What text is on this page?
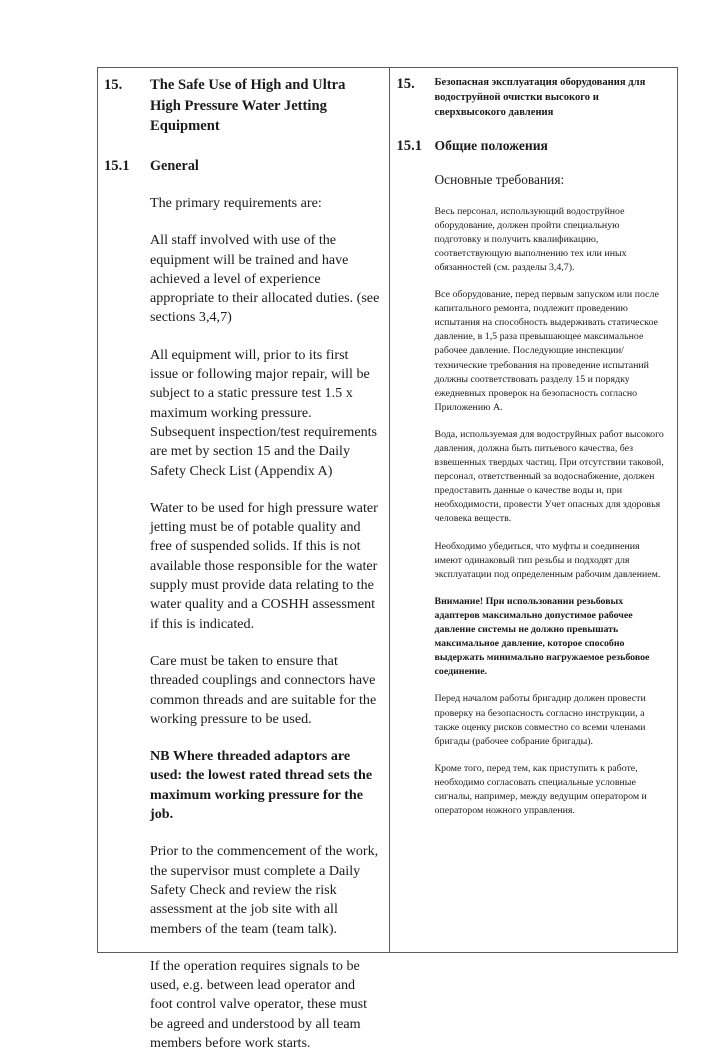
15.	The Safe Use of High and Ultra High Pressure Water Jetting Equipment
15.1	General

The primary requirements are:

All staff involved with use of the equipment will be trained and have achieved a level of experience appropriate to their allocated duties. (see sections 3,4,7)

All equipment will, prior to its first issue or following major repair, will be subject to a static pressure test 1.5 x maximum working pressure. Subsequent inspection/test requirements are met by section 15 and the Daily Safety Check List (Appendix A)

Water to be used for high pressure water jetting must be of potable quality and free of suspended solids. If this is not available those responsible for the water supply must provide data relating to the water quality and a COSHH assessment if this is indicated.

Care must be taken to ensure that threaded couplings and connectors have common threads and are suitable for the working pressure to be used.

NB Where threaded adaptors are used: the lowest rated thread sets the maximum working pressure for the job.

Prior to the commencement of the work, the supervisor must complete a Daily Safety Check and review the risk assessment at the job site with all members of the team (team talk).

If the operation requires signals to be used, e.g. between lead operator and foot control valve operator, these must be agreed and understood by all team members before work starts.

15.	Безопасная эксплуатация оборудования для водоструйной очистки высокого и сверхвысокого давления
15.1 Общие положения

Основные требования:

Весь персонал, использующий водоструйное оборудование, должен пройти специальную подготовку и получить квалификацию, соответствующую выполнению тех или иных обязанностей (см. разделы 3,4,7).

Все оборудование, перед первым запуском или после капитального ремонта, подлежит проведению испытания на способность выдерживать статическое давление, в 1,5 раза превышающее максимальное рабочее давление. Последующие инспекции/технические требования на проведение испытаний должны соответствовать разделу 15 и порядку ежедневных проверок на безопасность согласно Приложению А.

Вода, используемая для водоструйных работ высокого давления, должна быть питьевого качества, без взвешенных твердых частиц. При отсутствии таковой, персонал, ответственный за водоснабжение, должен предоставить данные о качестве воды и, при необходимости, провести Учет опасных для здоровья человека веществ.

Необходимо убедиться, что муфты и соединения имеют одинаковый тип резьбы и подходят для эксплуатации под определенным рабочим давлением.

Внимание! При использовании резьбовых адаптеров максимально допустимое рабочее давление системы не должно превышать максимальное давление, которое способно выдержать минимально нагружаемое резьбовое соединение.

Перед началом работы бригадир должен провести проверку на безопасность согласно инструкции, а также оценку рисков совместно со всеми членами бригады (рабочее собрание бригады).

Кроме того, перед тем, как приступить к работе, необходимо согласовать специальные условные сигналы, например, между ведущим оператором и оператором ножного управления.
